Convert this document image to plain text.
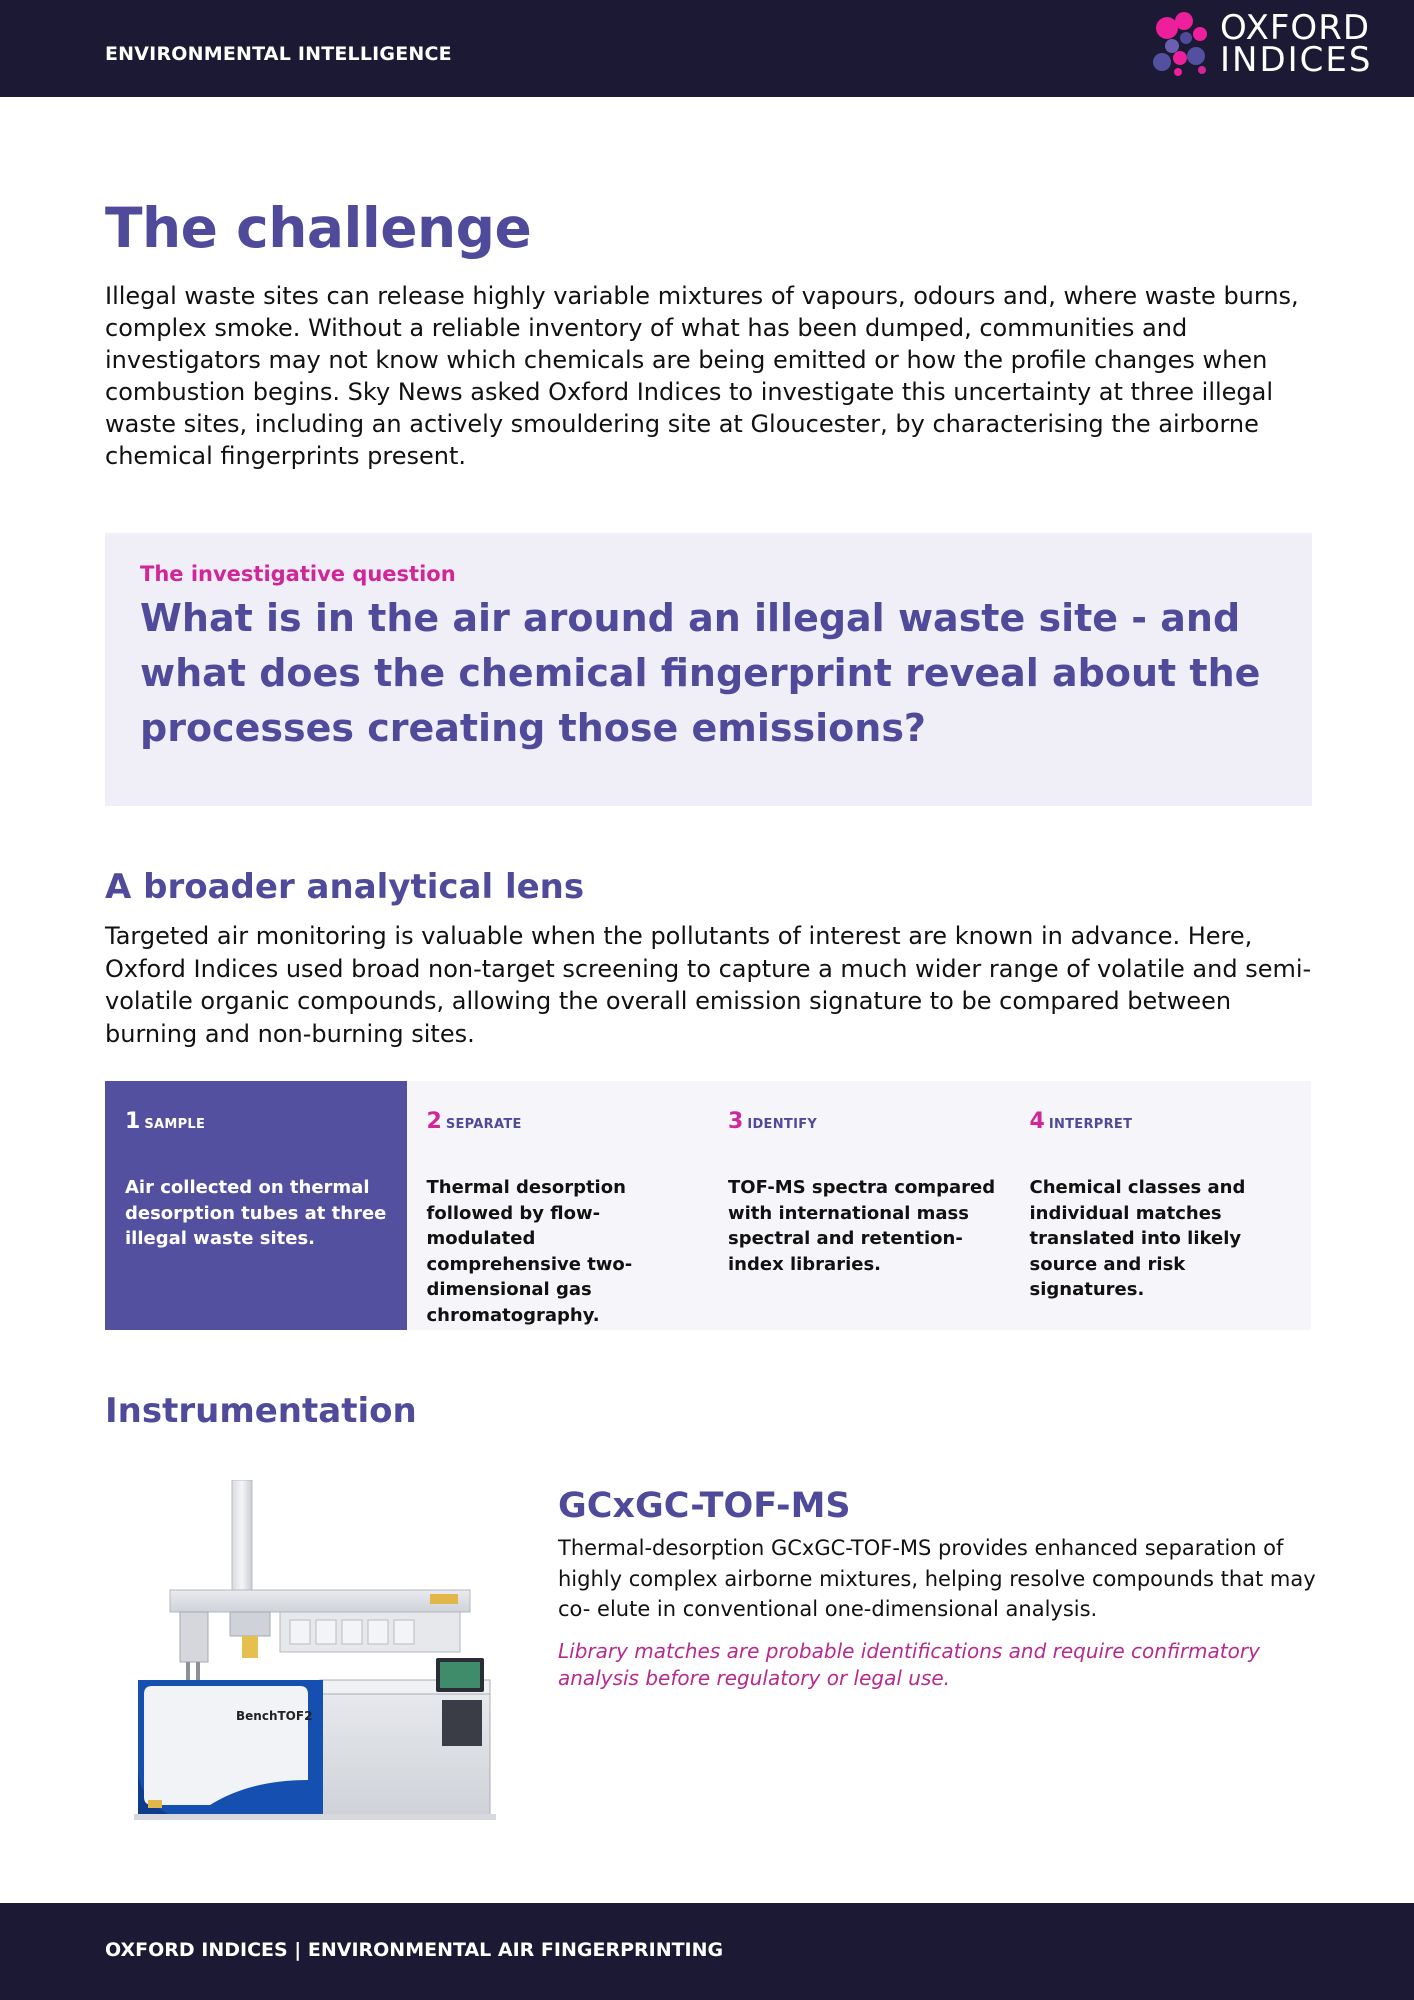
ENVIRONMENTAL INTELLIGENCE
OXFORD
INDICES
The challenge

Illegal waste sites can release highly variable mixtures of vapours, odours and, where waste burns, complex smoke. Without a reliable inventory of what has been dumped, communities and investigators may not know which chemicals are being emitted or how the profile changes when combustion begins. Sky News asked Oxford Indices to investigate this uncertainty at three illegal waste sites, including an actively smouldering site at Gloucester, by characterising the airborne chemical fingerprints present.

The investigative question
What is in the air around an illegal waste site - and what does the chemical fingerprint reveal about the processes creating those emissions?
A broader analytical lens

Targeted air monitoring is valuable when the pollutants of interest are known in advance. Here, Oxford Indices used broad non-target screening to capture a much wider range of volatile and semi-volatile organic compounds, allowing the overall emission signature to be compared between burning and non-burning sites.

1 SAMPLE
Air collected on thermal desorption tubes at three illegal waste sites.
2 SEPARATE
Thermal desorption followed by flow-modulated comprehensive two- dimensional gas chromatography.
3 IDENTIFY
TOF-MS spectra compared with international mass spectral and retention-index libraries.
4 INTERPRET
Chemical classes and individual matches translated into likely source and risk signatures.
Instrumentation
BenchTOF2
GCxGC-TOF-MS

Thermal-desorption GCxGC-TOF-MS provides enhanced separation of highly complex airborne mixtures, helping resolve compounds that may co- elute in conventional one-dimensional analysis.

Library matches are probable identifications and require confirmatory analysis before regulatory or legal use.

OXFORD INDICES | ENVIRONMENTAL AIR FINGERPRINTING
